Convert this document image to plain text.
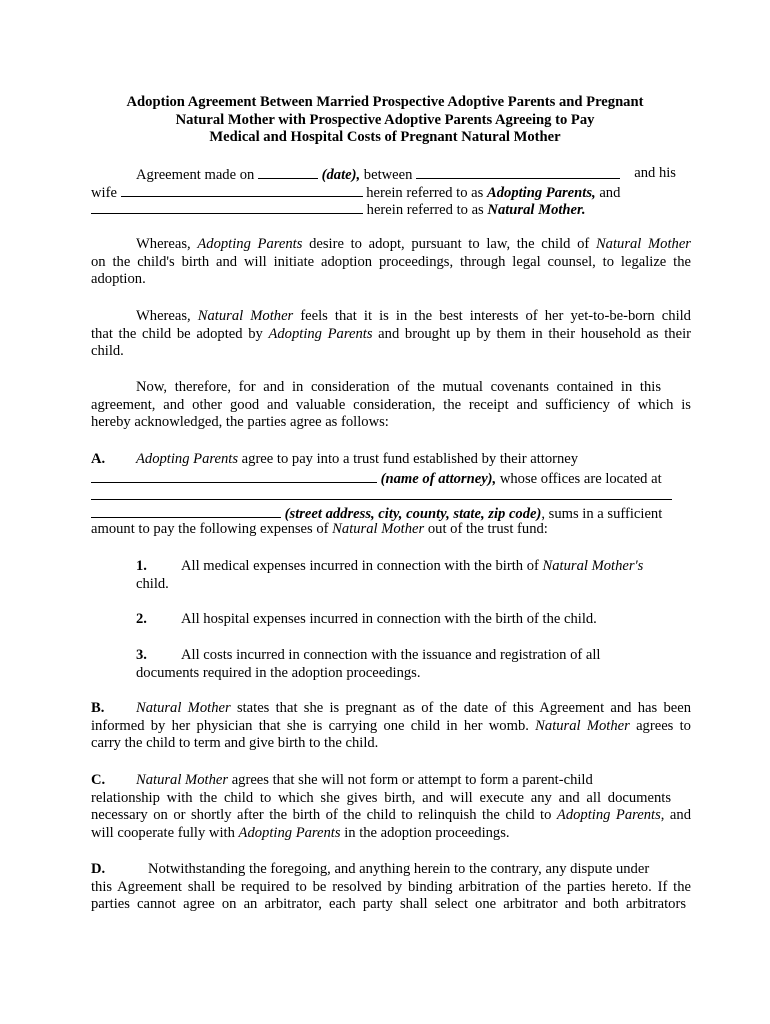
Adoption Agreement Between Married Prospective Adoptive Parents and Pregnant
Natural Mother with Prospective Adoptive Parents Agreeing to Pay
Medical and Hospital Costs of Pregnant Natural Mother
Agreement made on	(date), between	and his
wife	herein referred to as Adopting Parents, and
herein referred to as Natural Mother.
Whereas, Adopting Parents desire to adopt, pursuant to law, the child of Natural Mother
on the child's birth and will initiate adoption proceedings, through legal counsel, to legalize the
adoption.
Whereas, Natural Mother feels that it is in the best interests of her yet-to-be-born child
that the child be adopted by Adopting Parents and brought up by them in their household as their
child.
Now, therefore, for and in consideration of the mutual covenants contained in this
agreement, and other good and valuable consideration, the receipt and sufficiency of which is
hereby acknowledged, the parties agree as follows:
A. Adopting Parents agree to pay into a trust fund established by their attorney
(name of attorney), whose offices are located at
(street address, city, county, state, zip code), sums in a sufficient
amount to pay the following expenses of Natural Mother out of the trust fund:
1. All medical expenses incurred in connection with the birth of Natural Mother's
child.
2. All hospital expenses incurred in connection with the birth of the child.
3. All costs incurred in connection with the issuance and registration of all
documents required in the adoption proceedings.
B. Natural Mother states that she is pregnant as of the date of this Agreement and has been
informed by her physician that she is carrying one child in her womb. Natural Mother agrees to
carry the child to term and give birth to the child.
C. Natural Mother agrees that she will not form or attempt to form a parent-child
relationship with the child to which she gives birth, and will execute any and all documents
necessary on or shortly after the birth of the child to relinquish the child to Adopting Parents, and
will cooperate fully with Adopting Parents in the adoption proceedings.
D.	Notwithstanding the foregoing, and anything herein to the contrary, any dispute under
this Agreement shall be required to be resolved by binding arbitration of the parties hereto. If the
parties cannot agree on an arbitrator, each party shall select one arbitrator and both arbitrators
